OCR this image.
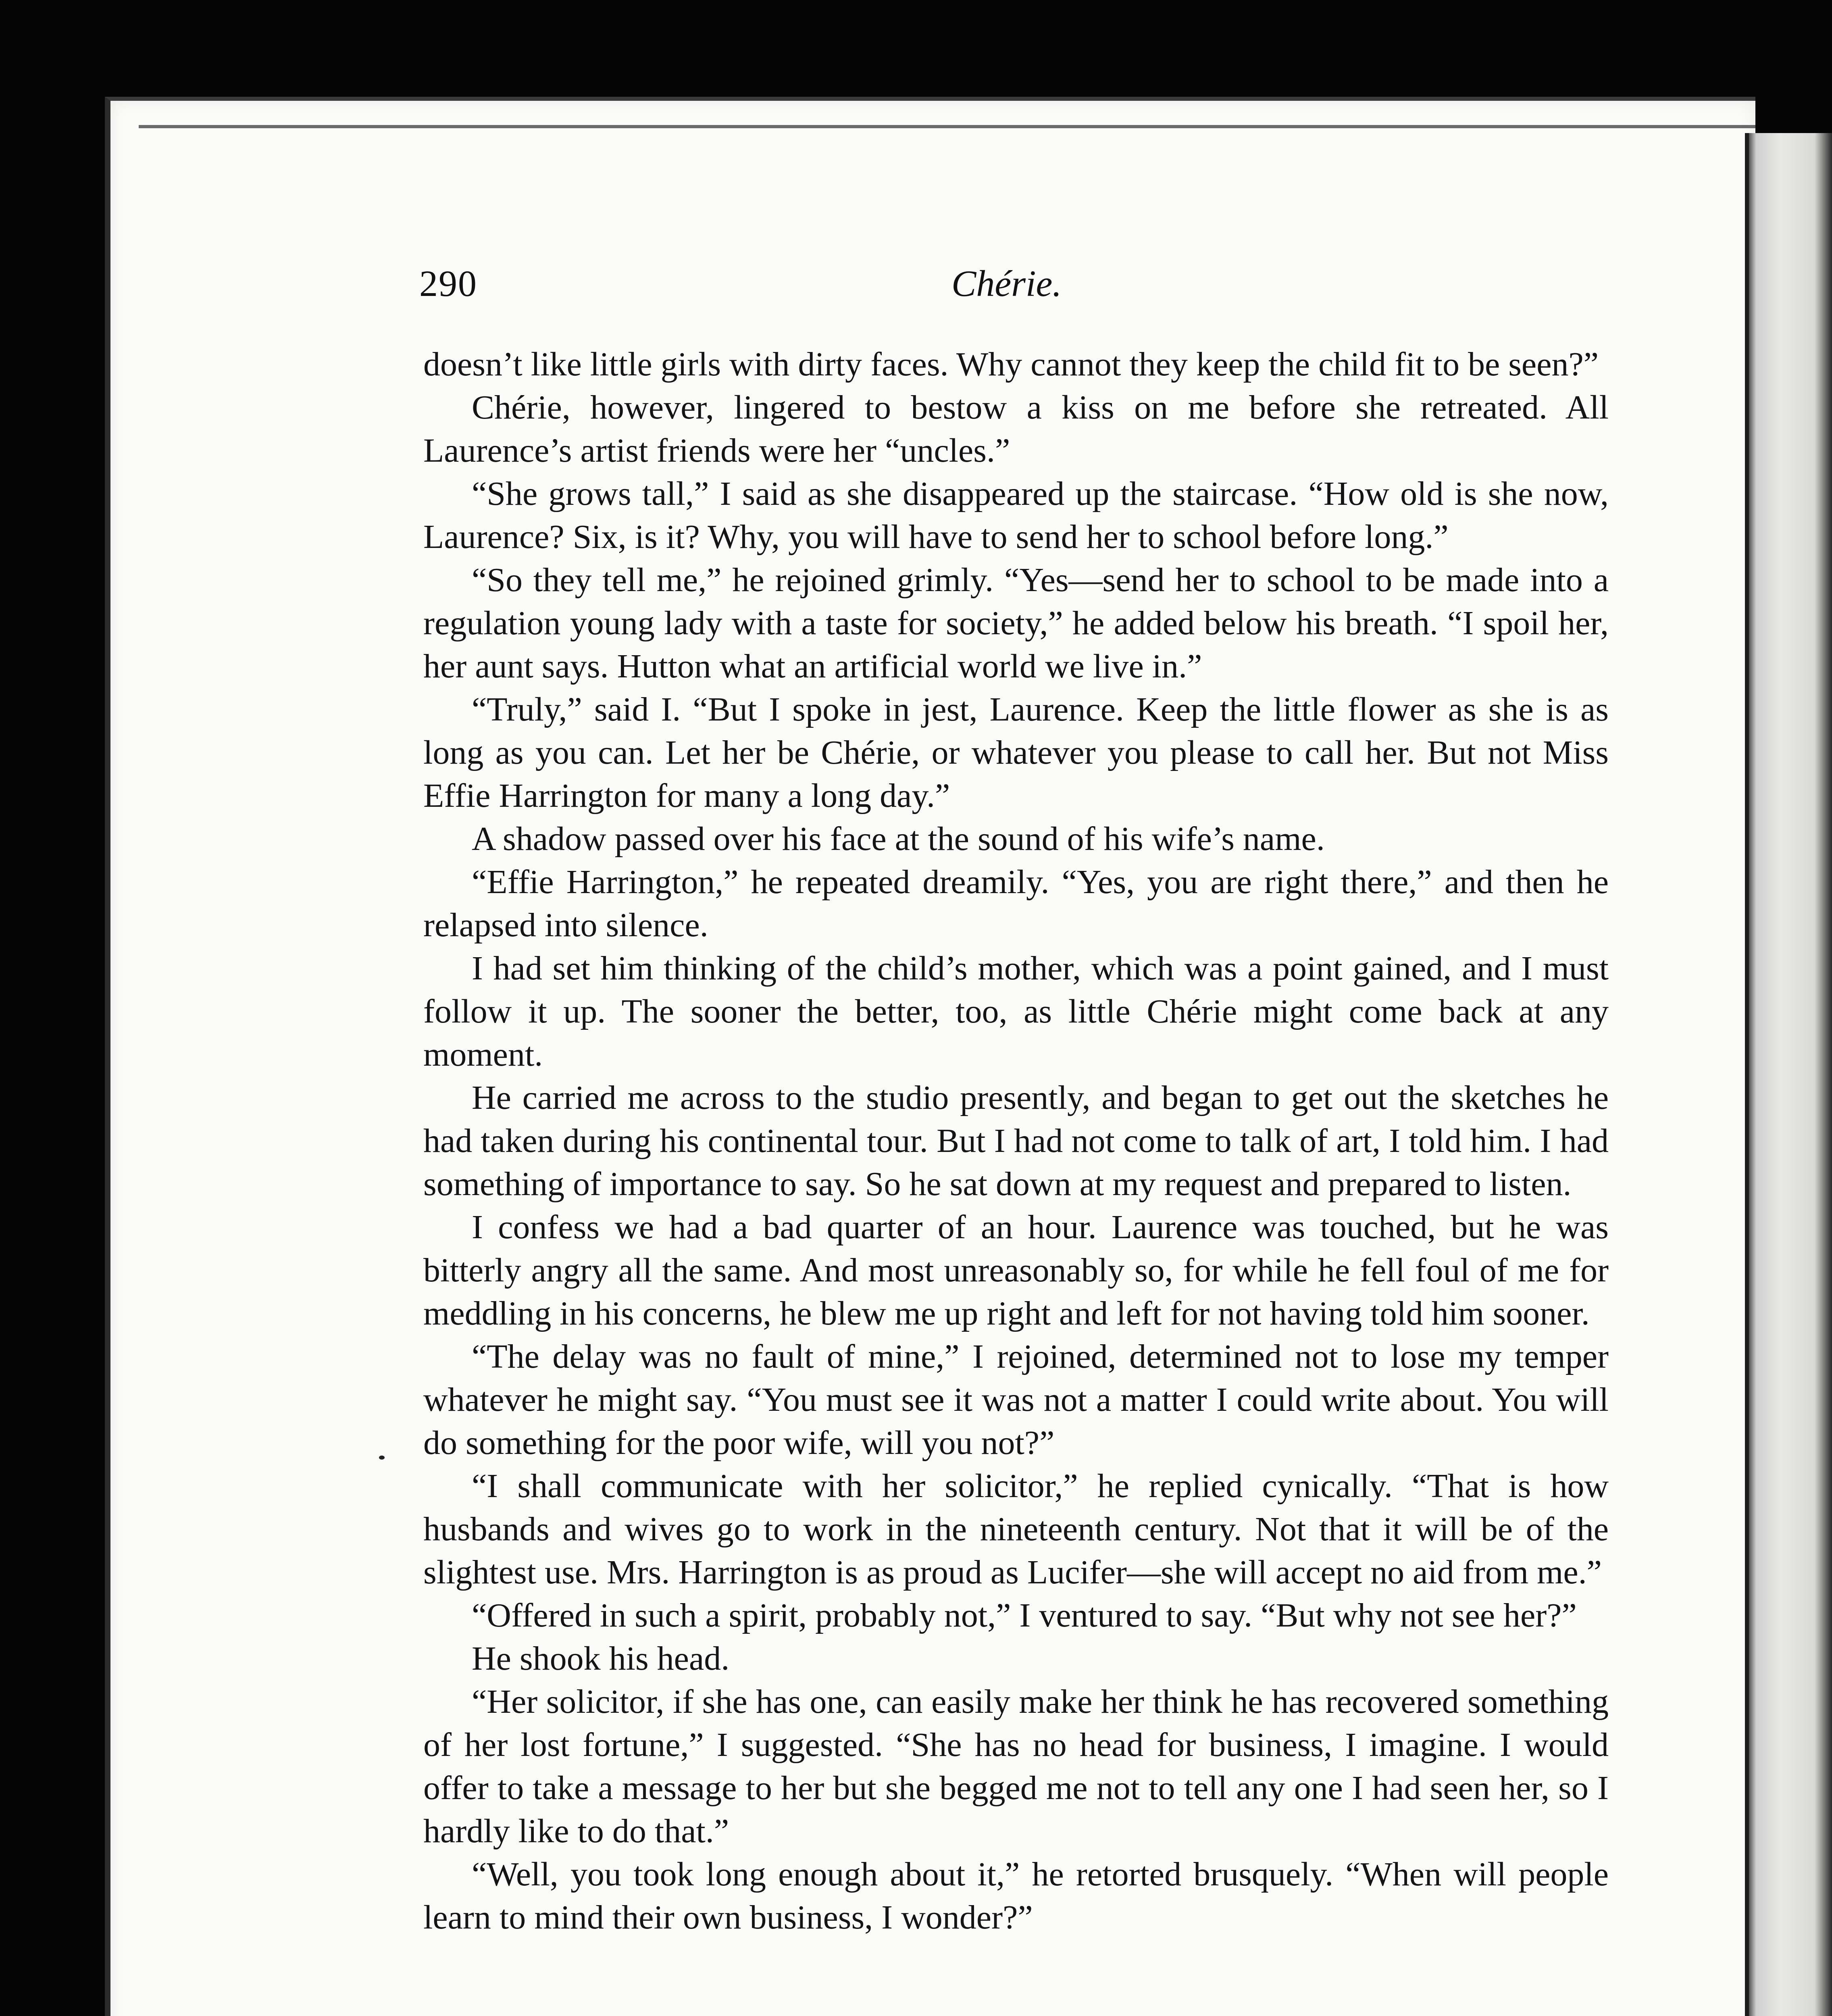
290	Chérie.

doesn’t like little girls with dirty faces. Why cannot they keep the child fit to be seen?”

Chérie, however, lingered to bestow a kiss on me before she retreated. All Laurence’s artist friends were her “uncles.”

“She grows tall,” I said as she disappeared up the staircase. “How old is she now, Laurence? Six, is it? Why, you will have to send her to school before long.”

“So they tell me,” he rejoined grimly. “Yes—send her to school to be made into a regulation young lady with a taste for society,” he added below his breath. “I spoil her, her aunt says. Hutton what an artificial world we live in.”

“Truly,” said I. “But I spoke in jest, Laurence. Keep the little flower as she is as long as you can. Let her be Chérie, or whatever you please to call her. But not Miss Effie Harrington for many a long day.”

A shadow passed over his face at the sound of his wife’s name.

“Effie Harrington,” he repeated dreamily. “Yes, you are right there,” and then he relapsed into silence.

I had set him thinking of the child’s mother, which was a point gained, and I must follow it up. The sooner the better, too, as little Chérie might come back at any moment.

He carried me across to the studio presently, and began to get out the sketches he had taken during his continental tour. But I had not come to talk of art, I told him. I had something of importance to say. So he sat down at my request and prepared to listen.

I confess we had a bad quarter of an hour. Laurence was touched, but he was bitterly angry all the same. And most unreasonably so, for while he fell foul of me for meddling in his concerns, he blew me up right and left for not having told him sooner.

“The delay was no fault of mine,” I rejoined, determined not to lose my temper whatever he might say. “You must see it was not a matter I could write about. You will do something for the poor wife, will you not?”

“I shall communicate with her solicitor,” he replied cynically. “That is how husbands and wives go to work in the nineteenth century. Not that it will be of the slightest use. Mrs. Harrington is as proud as Lucifer—she will accept no aid from me.”

“Offered in such a spirit, probably not,” I ventured to say. “But why not see her?”

He shook his head.

“Her solicitor, if she has one, can easily make her think he has recovered something of her lost fortune,” I suggested. “She has no head for business, I imagine. I would offer to take a message to her but she begged me not to tell any one I had seen her, so I hardly like to do that.”

“Well, you took long enough about it,” he retorted brusquely. “When will people learn to mind their own business, I wonder?”
